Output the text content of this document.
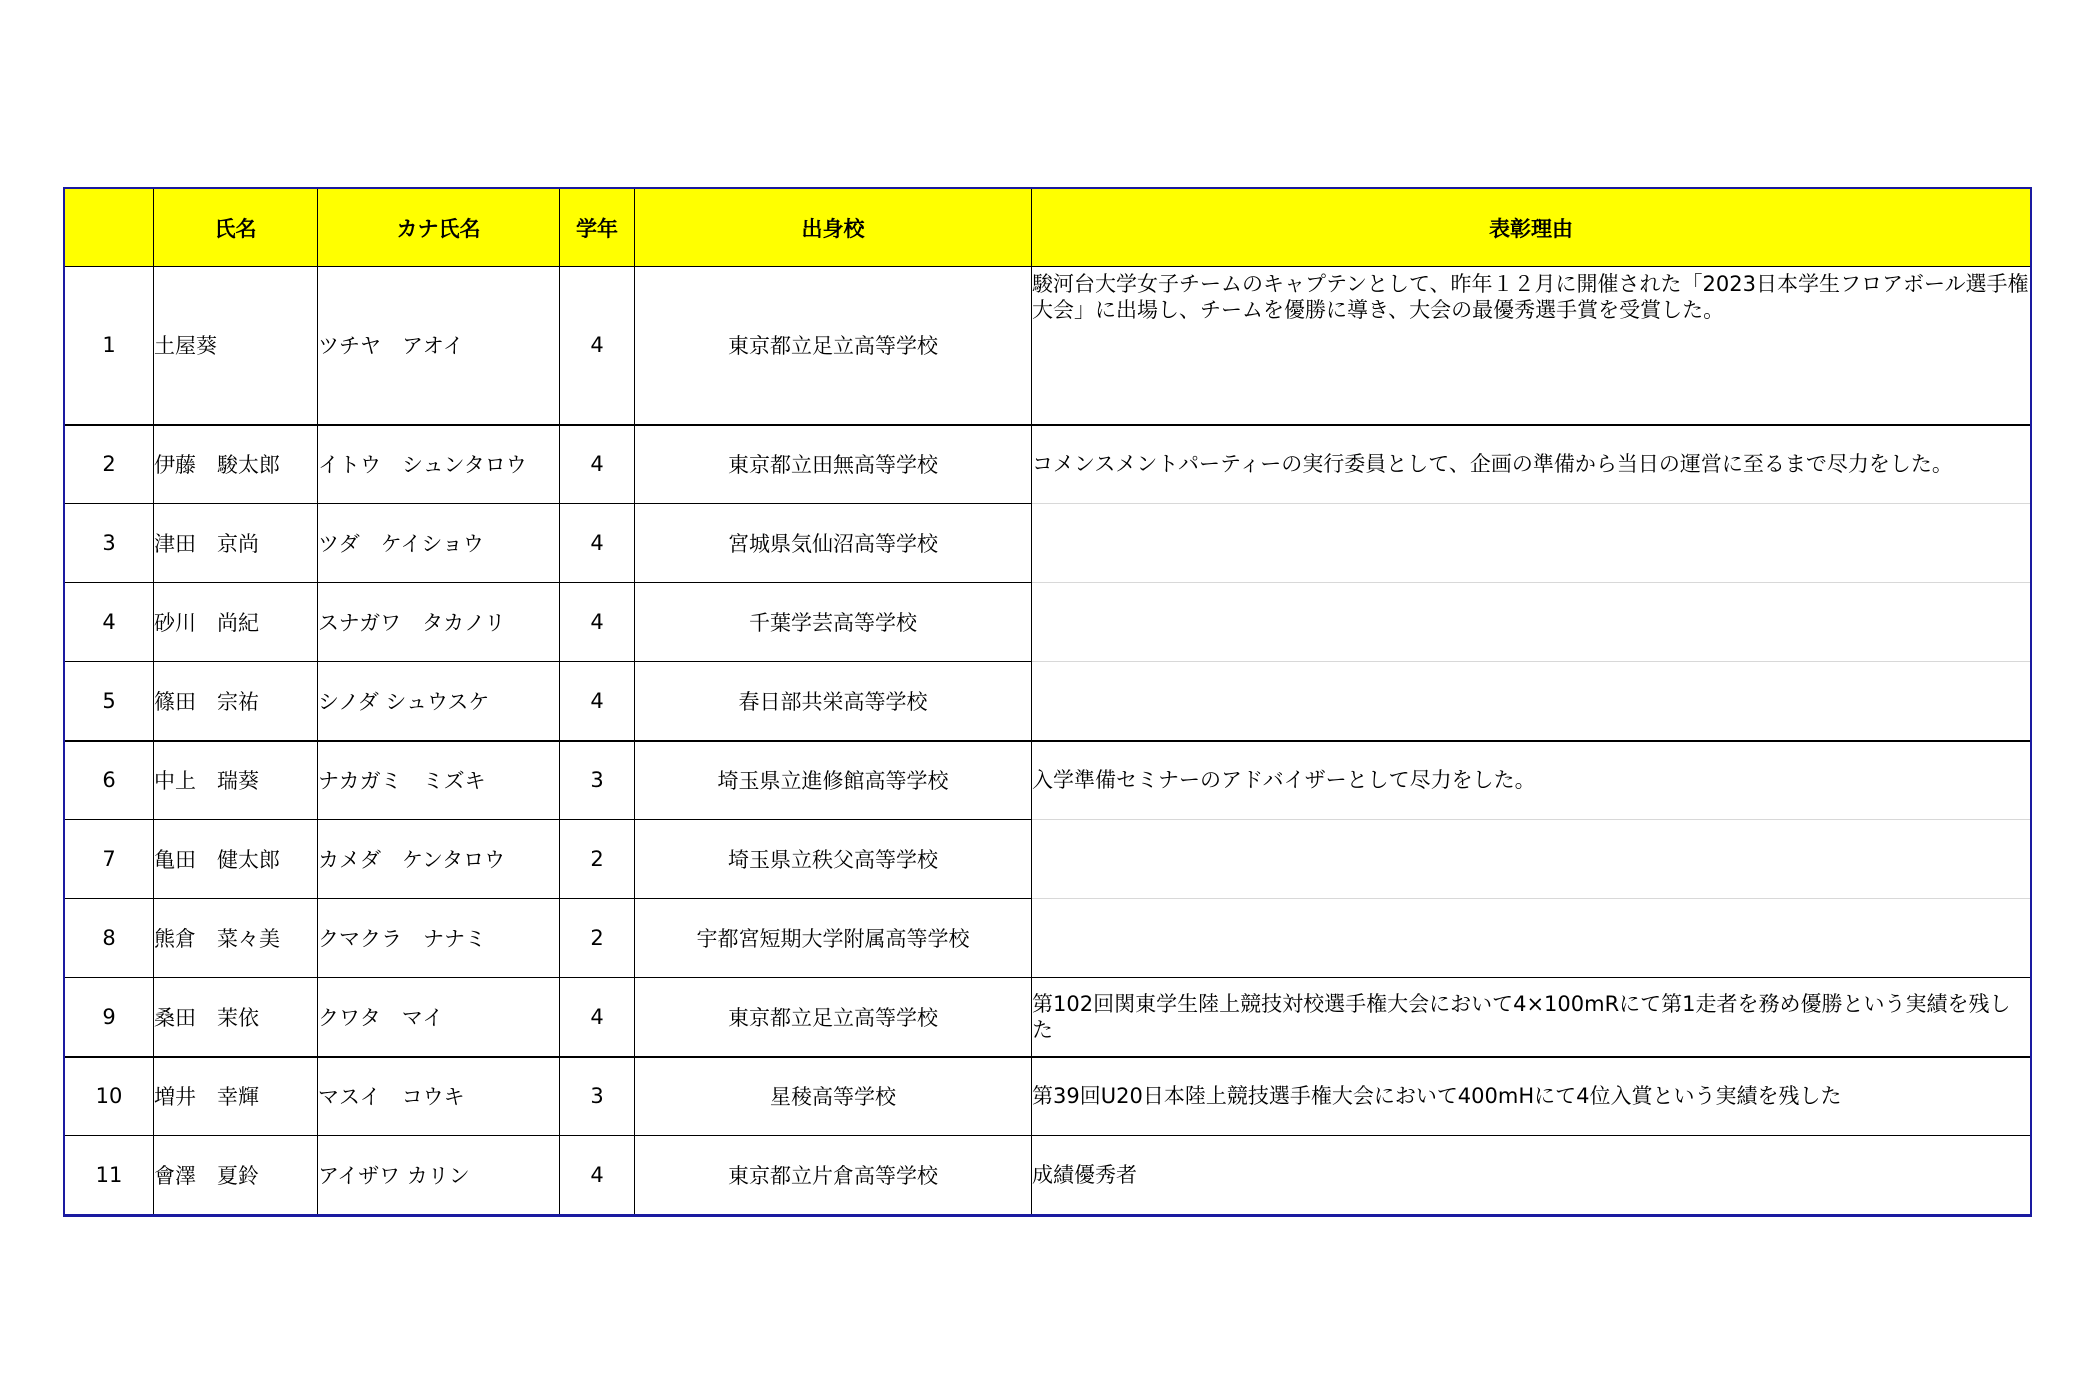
	氏名	カナ氏名	学年	出身校	表彰理由
1	土屋葵	ツチヤ　アオイ	4	東京都立足立高等学校	駿河台大学女子チームのキャプテンとして、昨年１２月に開催された「2023日本学生フロアボール選手権大会」に出場し、チームを優勝に導き、大会の最優秀選手賞を受賞した。
2	伊藤　駿太郎	イトウ　シュンタロウ	4	東京都立田無高等学校	コメンスメントパーティーの実行委員として、企画の準備から当日の運営に至るまで尽力をした。
3	津田　京尚	ツダ　ケイショウ	4	宮城県気仙沼高等学校	
4	砂川　尚紀	スナガワ　タカノリ	4	千葉学芸高等学校	
5	篠田　宗祐	シノダ シュウスケ	4	春日部共栄高等学校	
6	中上　瑞葵	ナカガミ　ミズキ	3	埼玉県立進修館高等学校	入学準備セミナーのアドバイザーとして尽力をした。
7	亀田　健太郎	カメダ　ケンタロウ	2	埼玉県立秩父高等学校	
8	熊倉　菜々美	クマクラ　ナナミ	2	宇都宮短期大学附属高等学校	
9	桑田　茉依	クワタ　マイ	4	東京都立足立高等学校	第102回関東学生陸上競技対校選手権大会において4×100mRにて第1走者を務め優勝という実績を残した
10	増井　幸輝	マスイ　コウキ	3	星稜高等学校	第39回U20日本陸上競技選手権大会において400mHにて4位入賞という実績を残した
11	會澤　夏鈴	アイザワ カリン	4	東京都立片倉高等学校	成績優秀者
